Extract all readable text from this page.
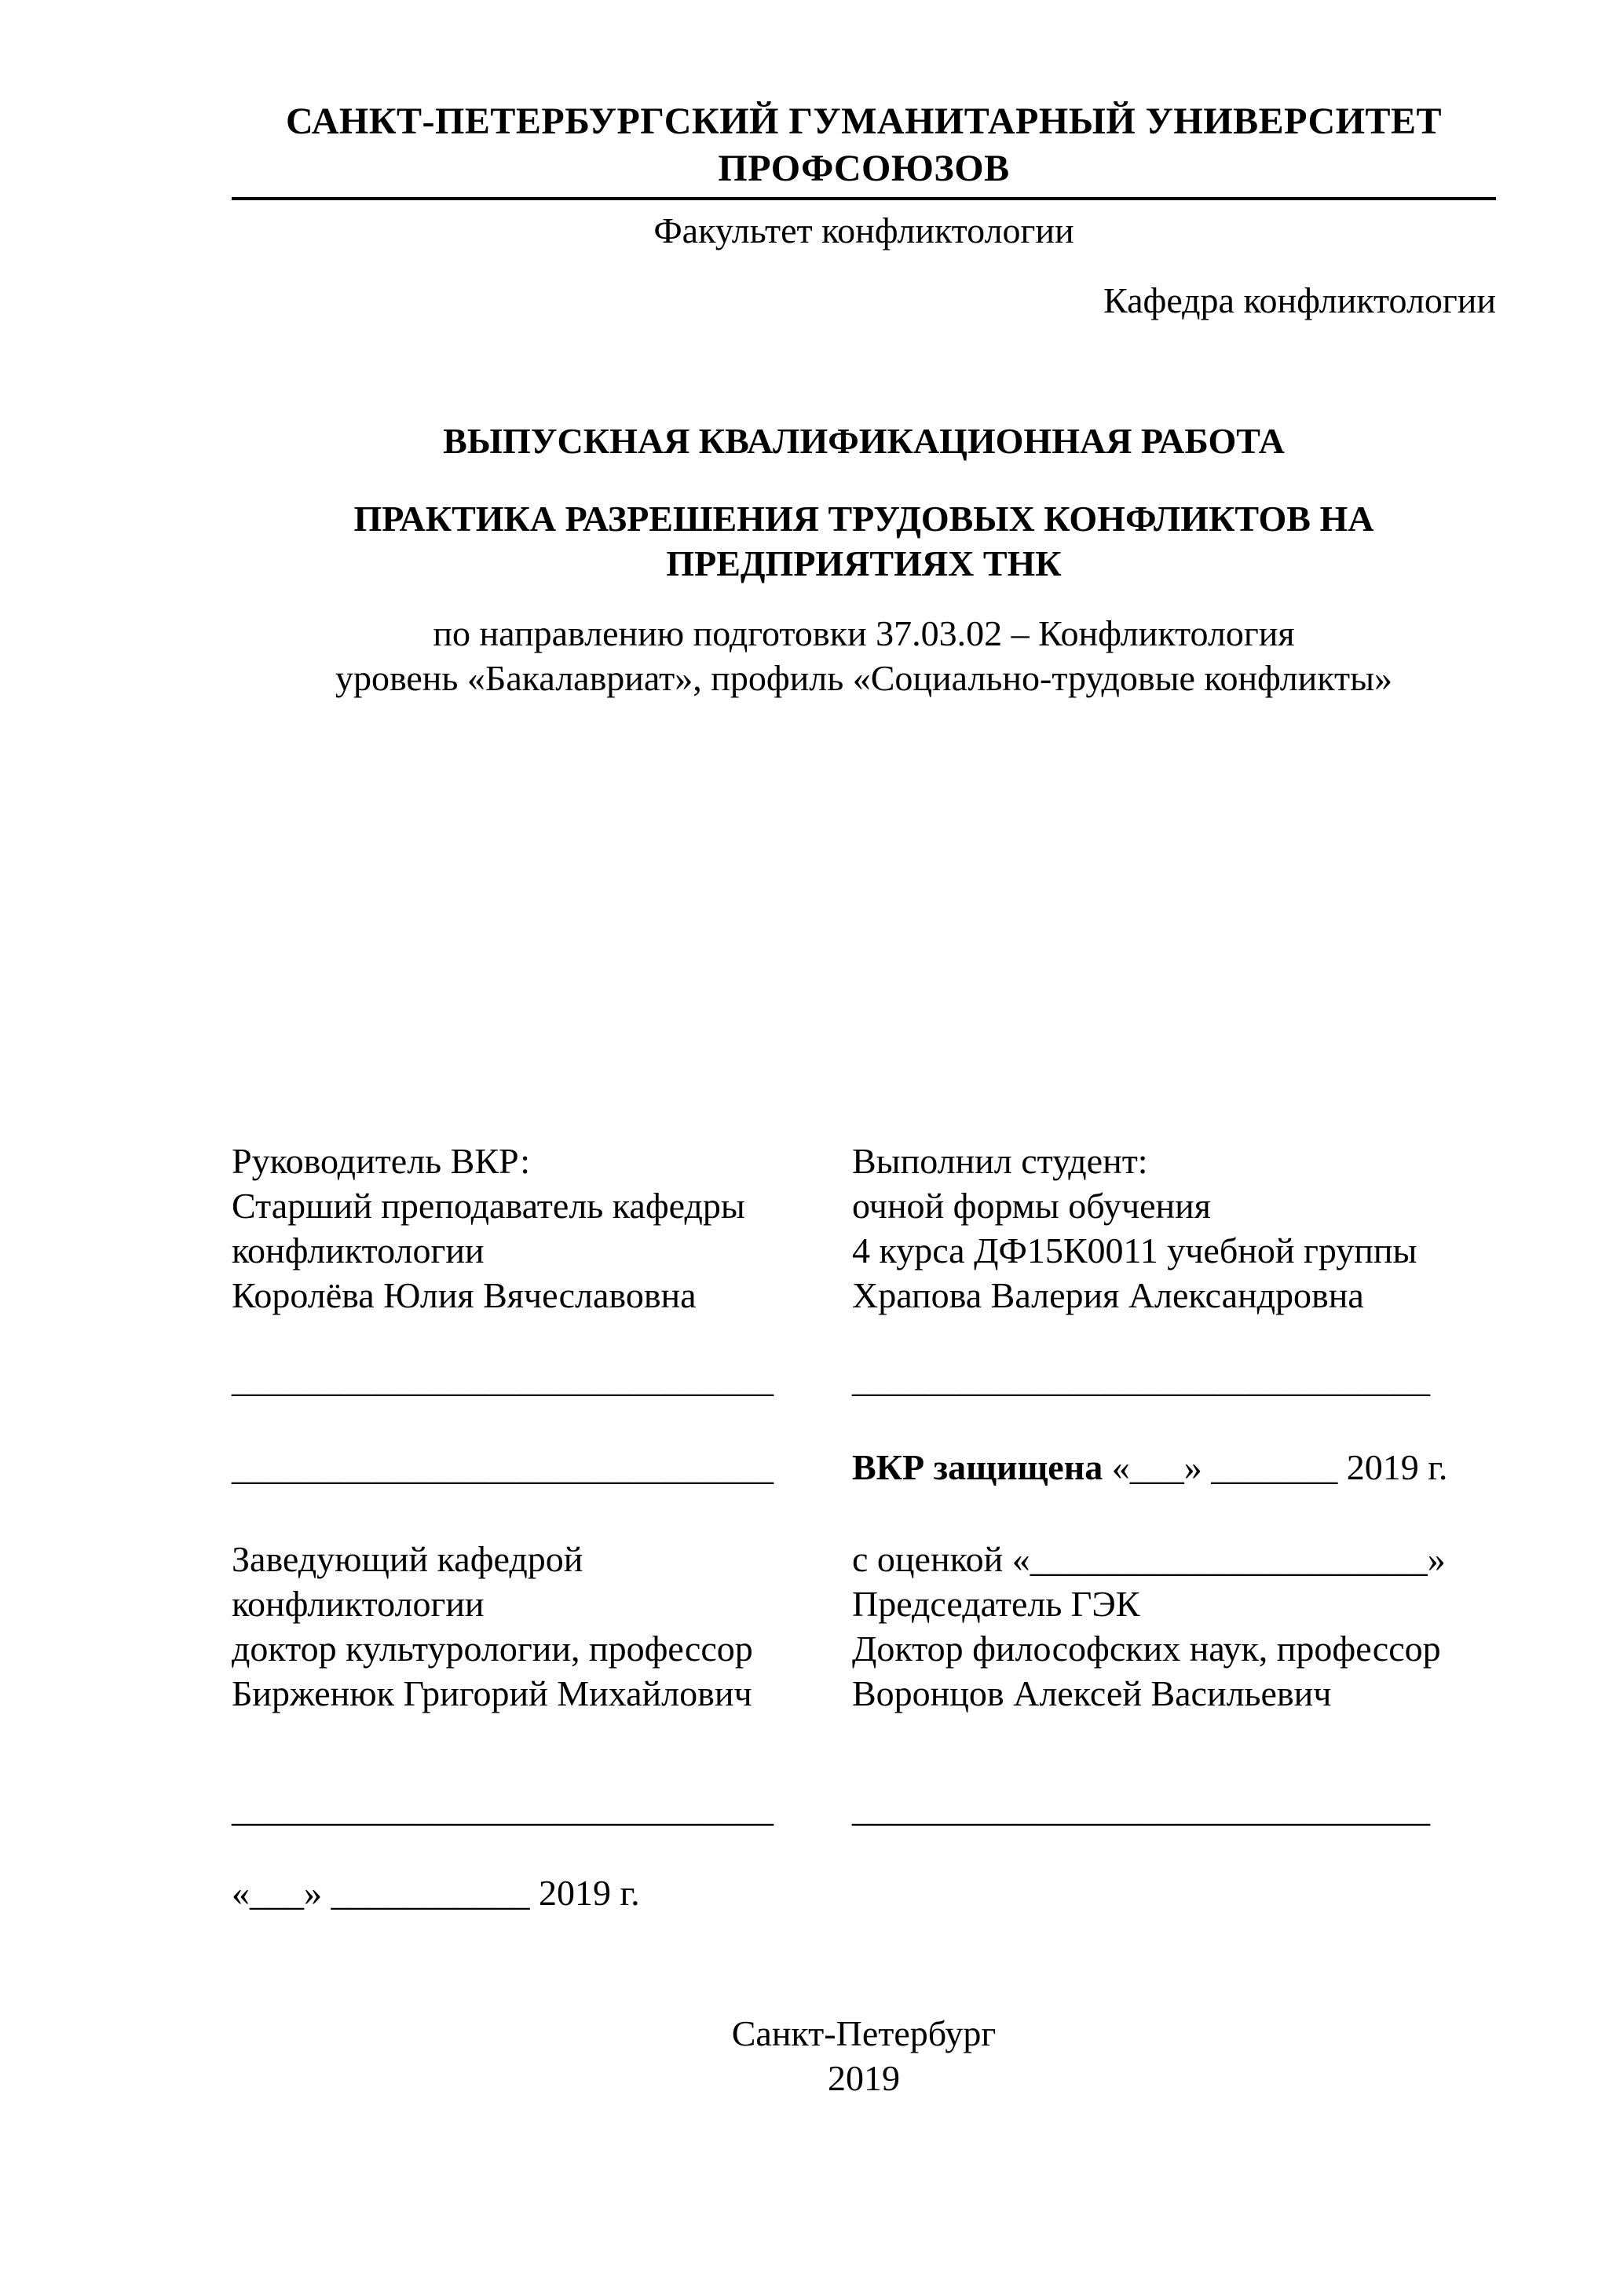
САНКТ-ПЕТЕРБУРГСКИЙ ГУМАНИТАРНЫЙ УНИВЕРСИТЕТ
ПРОФСОЮЗОВ
Факультет конфликтологии
Кафедра конфликтологии
ВЫПУСКНАЯ КВАЛИФИКАЦИОННАЯ РАБОТА
ПРАКТИКА РАЗРЕШЕНИЯ ТРУДОВЫХ КОНФЛИКТОВ НА
ПРЕДПРИЯТИЯХ ТНК
по направлению подготовки 37.03.02 – Конфликтология
уровень «Бакалавриат», профиль «Социально-трудовые конфликты»
Руководитель ВКР:
Старший преподаватель кафедры
конфликтологии
Королёва Юлия Вячеславовна
______________________________
______________________________
Заведующий кафедрой
конфликтологии
доктор культурологии, профессор
Бирженюк Григорий Михайлович
______________________________
«___» ___________ 2019 г.
Выполнил студент:
очной формы обучения
4 курса ДФ15К0011 учебной группы
Храпова Валерия Александровна
________________________________
ВКР защищена «___» _______ 2019 г.
с оценкой «______________________»
Председатель ГЭК
Доктор философских наук, профессор
Воронцов Алексей Васильевич
________________________________

Санкт-Петербург
2019
